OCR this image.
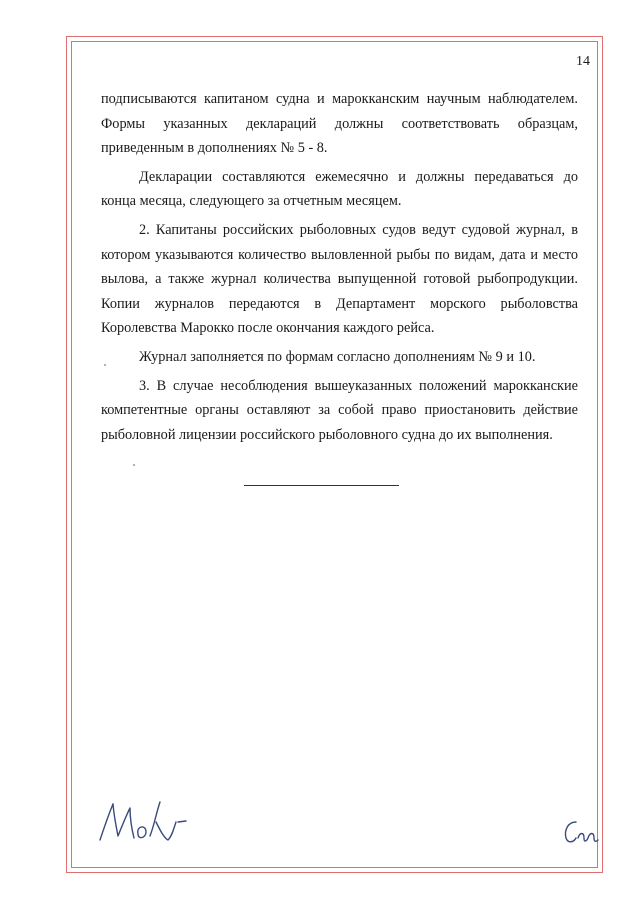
14

подписываются капитаном судна и марокканским научным наблюдателем. Формы указанных деклараций должны соответствовать образцам, приведенным в дополнениях № 5 - 8.

Декларации составляются ежемесячно и должны передаваться до конца месяца, следующего за отчетным месяцем.

2. Капитаны российских рыболовных судов ведут судовой журнал, в котором указываются количество выловленной рыбы по видам, дата и место вылова, а также журнал количества выпущенной готовой рыбопродукции. Копии журналов передаются в Департамент морского рыболовства Королевства Марокко после окончания каждого рейса.

Журнал заполняется по формам согласно дополнениям № 9 и 10.

3. В случае несоблюдения вышеуказанных положений марокканские компетентные органы оставляют за собой право приостановить действие рыболовной лицензии российского рыболовного судна до их выполнения.
